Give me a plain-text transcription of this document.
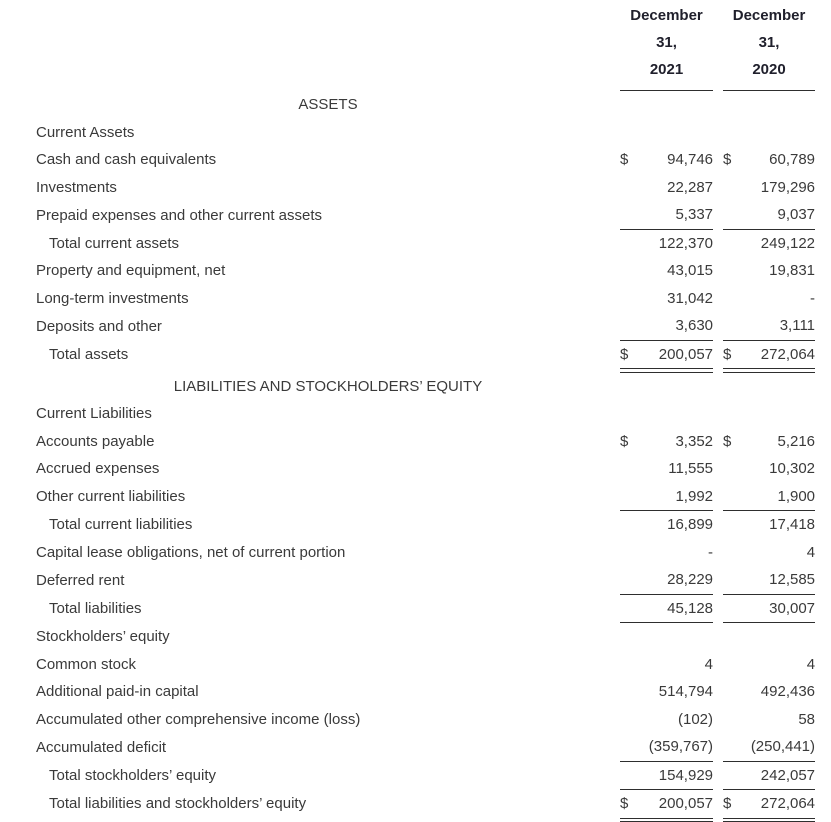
December
31,
2021

December
31,
2020

ASSETS						
Current Assets						
Cash and cash equivalents	$	94,746		$	60,789	
Investments		22,287			179,296	
Prepaid expenses and other current assets		5,337			9,037	
Total current assets		122,370			249,122	
Property and equipment, net		43,015			19,831	
Long-term investments		31,042			-	
Deposits and other		3,630			3,111	
Total assets	$	200,057		$	272,064	

LIABILITIES AND STOCKHOLDERS’ EQUITY						
Current Liabilities						
Accounts payable	$	3,352		$	5,216	
Accrued expenses		11,555			10,302	
Other current liabilities		1,992			1,900	
Total current liabilities		16,899			17,418	
Capital lease obligations, net of current portion		-			4	
Deferred rent		28,229			12,585	
Total liabilities		45,128			30,007	
Stockholders’ equity						
Common stock		4			4	
Additional paid-in capital		514,794			492,436	
Accumulated other comprehensive income (loss)		(102)			58	
Accumulated deficit		(359,767)			(250,441)	
Total stockholders’ equity		154,929			242,057	
Total liabilities and stockholders’ equity	$	200,057		$	272,064	
